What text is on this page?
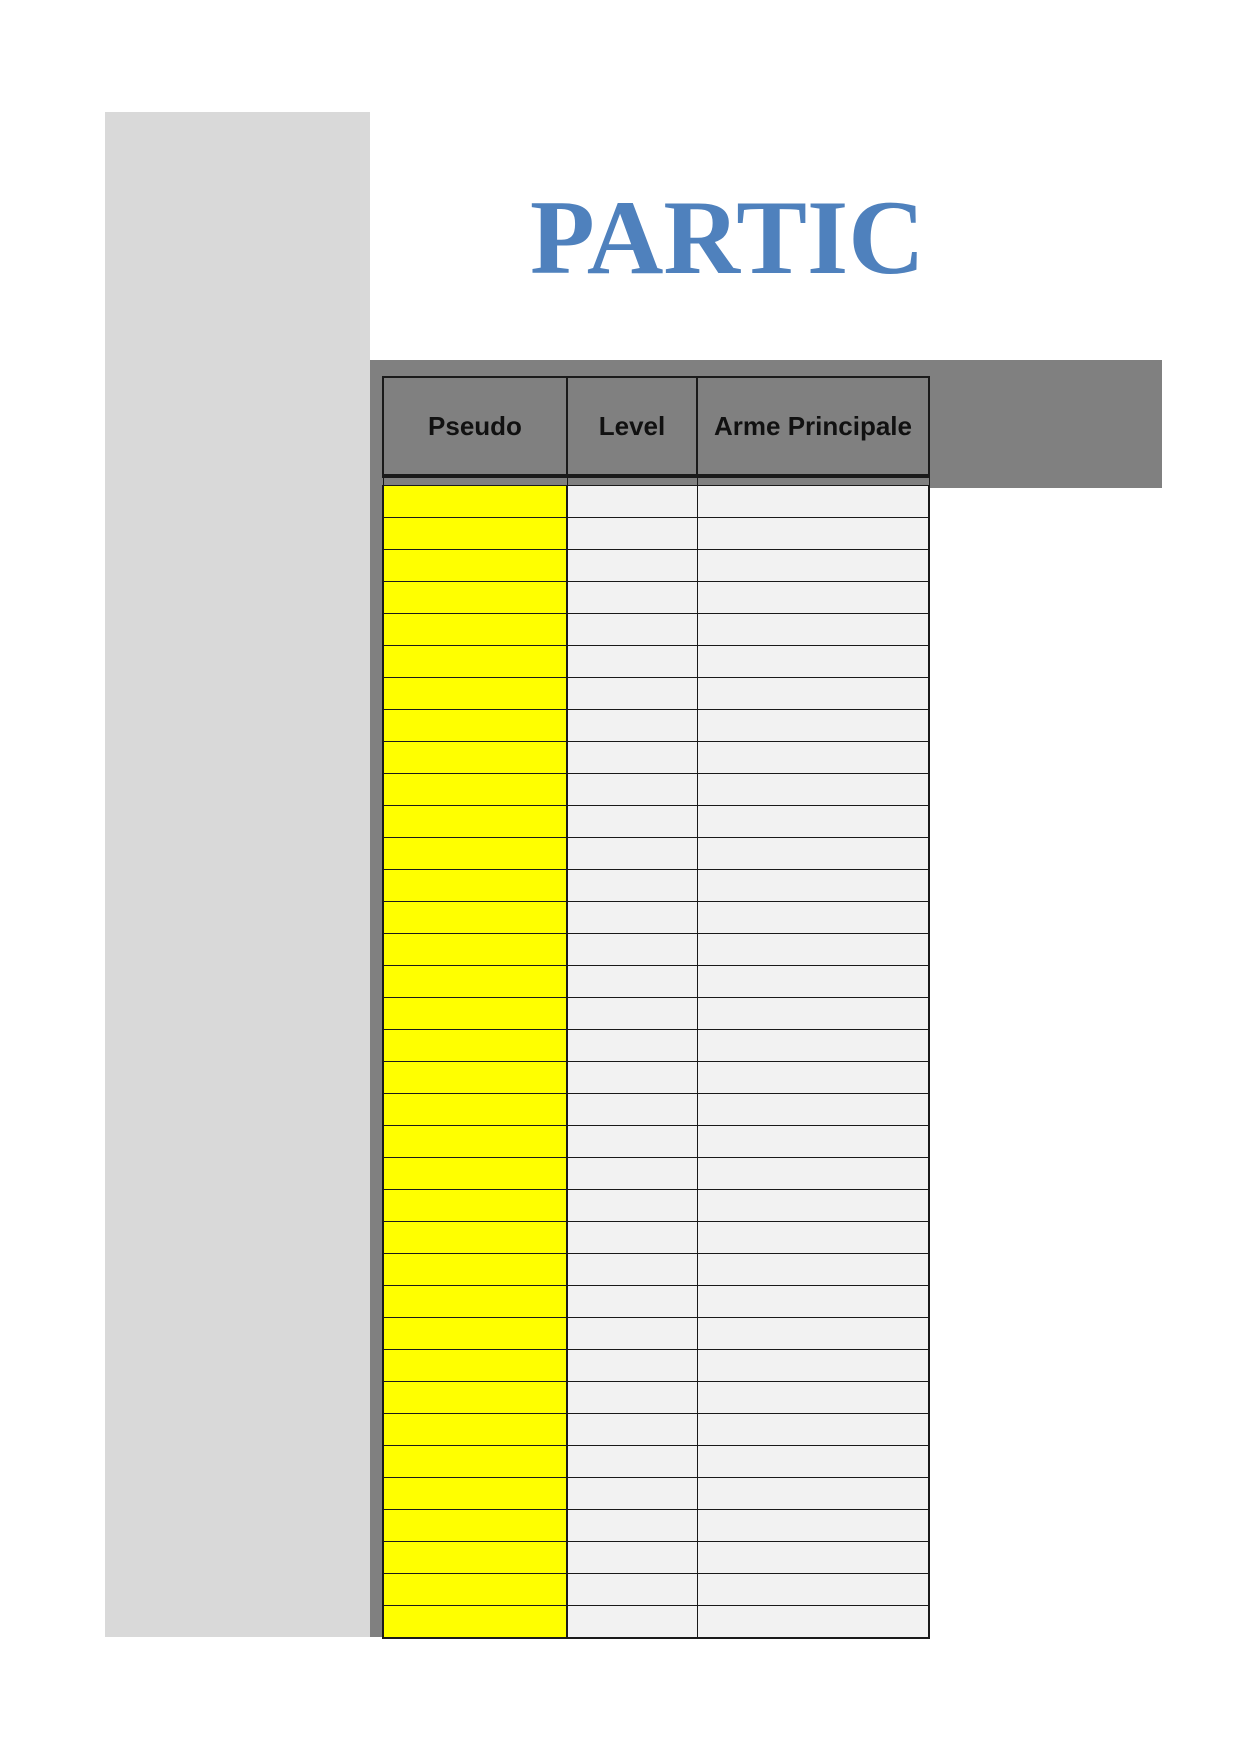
PARTIC
Pseudo	Level	Arme Principale
